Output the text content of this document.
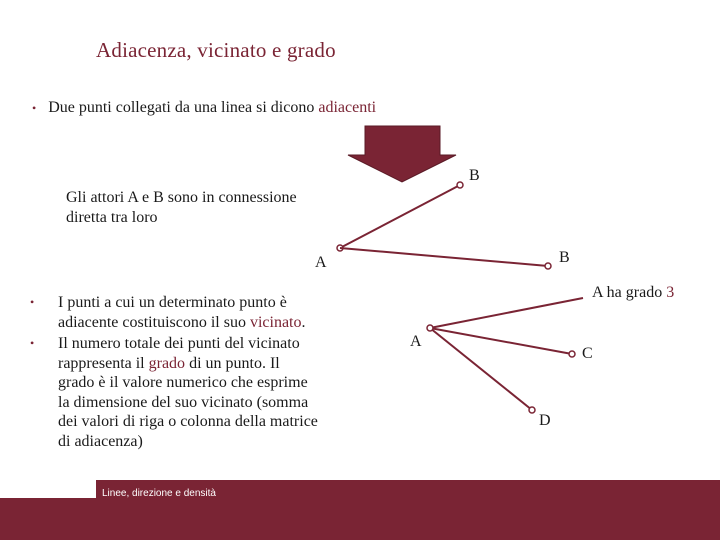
Adiacenza, vicinato e grado
• Due punti collegati da una linea si dicono adiacenti
Gli attori A e B sono in connessione
diretta tra loro
B
A	B
A
C
D
A ha grado 3
• I punti a cui un determinato punto è
adiacente costituiscono il suo vicinato.
• Il numero totale dei punti del vicinato
rappresenta il grado di un punto. Il
grado è il valore numerico che esprime
la dimensione del suo vicinato (somma
dei valori di riga o colonna della matrice
di adiacenza)
Linee, direzione e densità
